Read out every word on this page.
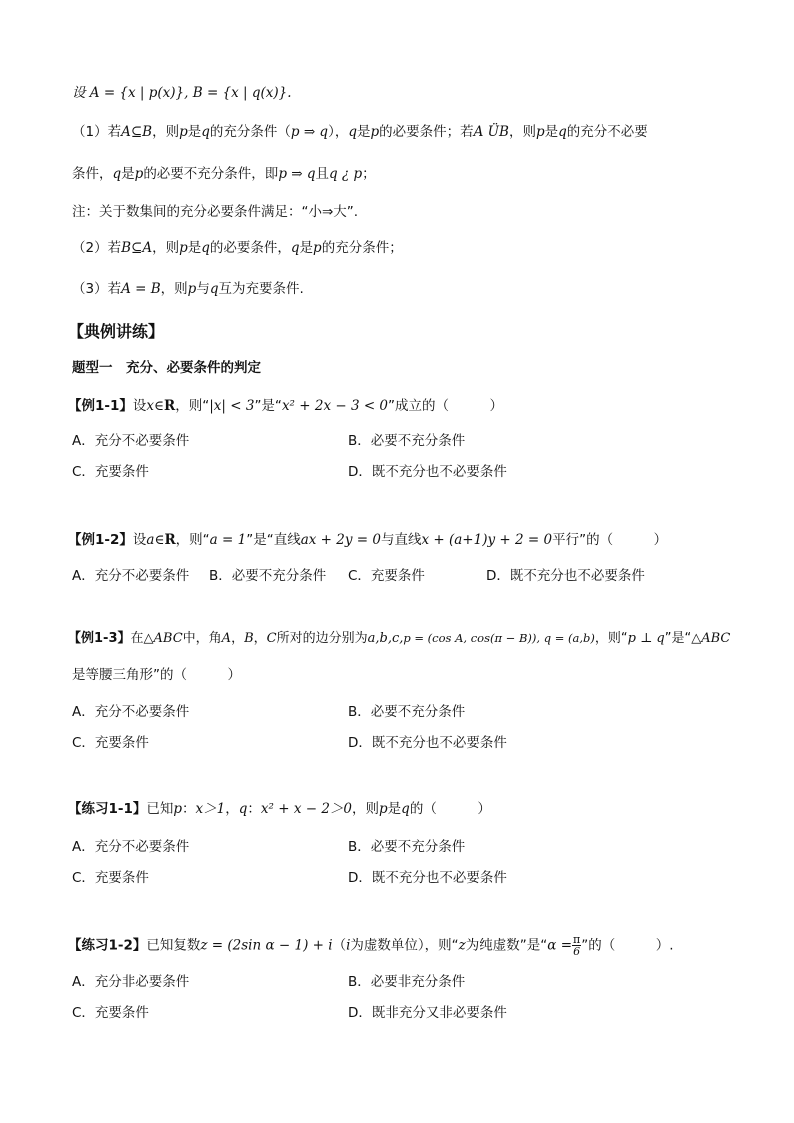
设 A = {x | p(x)}, B = {x | q(x)}.
（1）若A⊆B，则p是q的充分条件（p ⇒ q），q是p的必要条件；若A ÜB，则p是q的充分不必要
条件，q是p的必要不充分条件，即p ⇒ q且q ¿ p；
注：关于数集间的充分必要条件满足：“小⇒大”.
（2）若B⊆A，则p是q的必要条件，q是p的充分条件；
（3）若A = B，则p与q互为充要条件.
【典例讲练】
题型一　充分、必要条件的判定
【例1-1】设x∈R，则“|x| < 3”是“x² + 2x − 3 < 0”成立的（　　　）
A．充分不必要条件	B．必要不充分条件
C．充要条件	D．既不充分也不必要条件
【例1-2】设a∈R，则“a = 1”是“直线ax + 2y = 0与直线x + (a+1)y + 2 = 0平行”的（　　　）
A．充分不必要条件 B．必要不充分条件 C．充要条件	D．既不充分也不必要条件
【例1-3】在△ABC中，角A，B，C所对的边分别为a,b,c,p = (cos A, cos(π − B)), q = (a,b)，则“p ⊥ q”是“△ABC
是等腰三角形”的（　　　）
A．充分不必要条件	B．必要不充分条件
C．充要条件	D．既不充分也不必要条件
【练习1-1】已知p：x＞1，q：x² + x − 2＞0，则p是q的（　　　）
A．充分不必要条件	B．必要不充分条件
C．充要条件	D．既不充分也不必要条件
【练习1-2】已知复数z = (2sin α − 1) + i（i为虚数单位），则“z为纯虚数”是“$\alpha = \frac{\pi}{6}$ ”的（　　　）.
A．充分非必要条件	B．必要非充分条件
C．充要条件	D．既非充分又非必要条件
